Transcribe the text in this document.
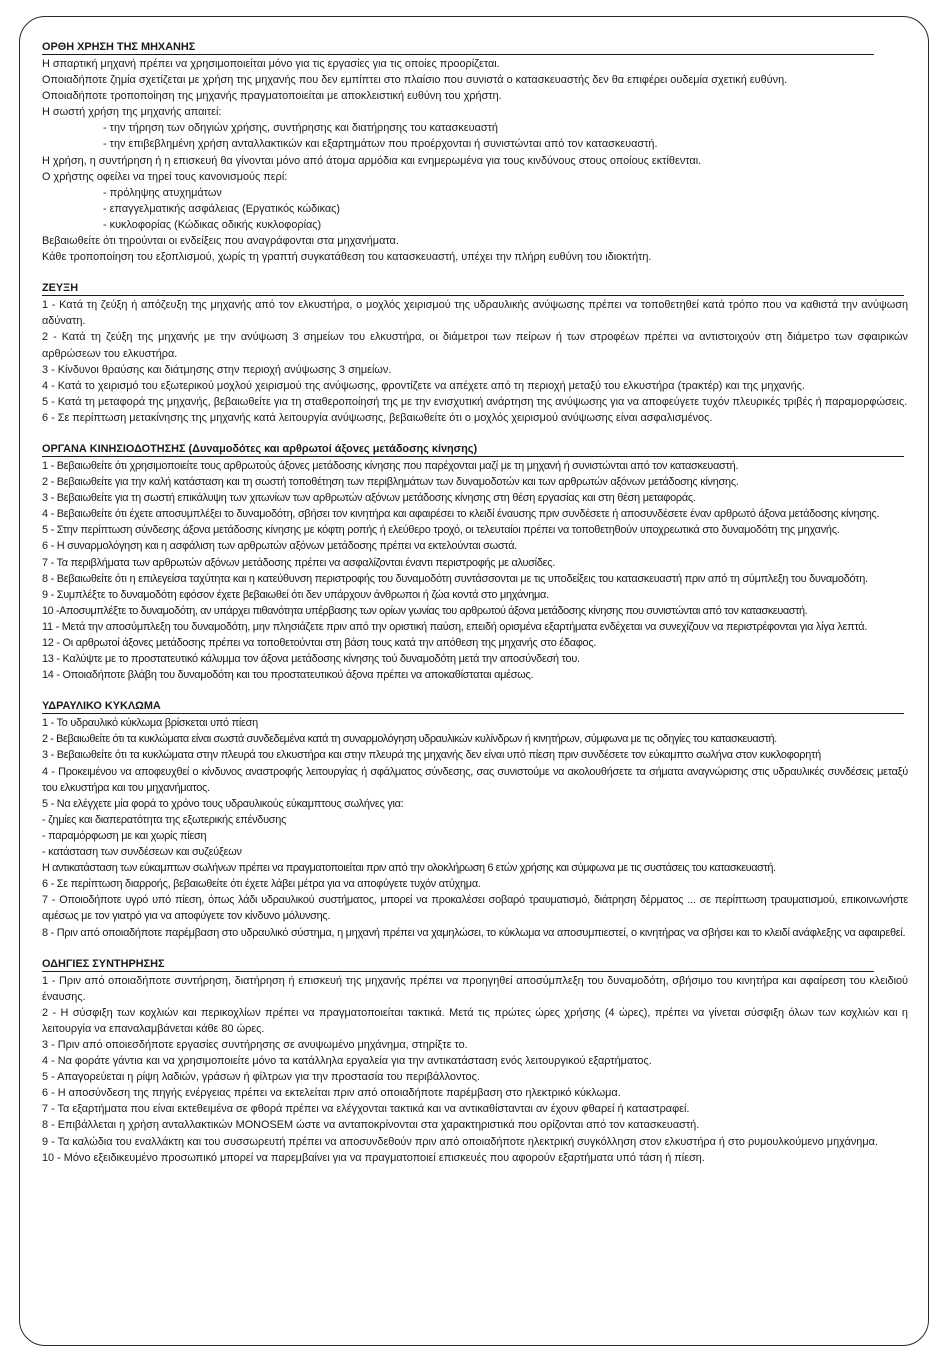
ΟΡΘΗ ΧΡΗΣΗ ΤΗΣ ΜΗΧΑΝΗΣ

Η σπαρτική μηχανή πρέπει να χρησιμοποιείται μόνο για τις εργασίες για τις οποίες προορίζεται.

Οποιαδήποτε ζημία σχετίζεται με χρήση της μηχανής που δεν εμπίπτει στο πλαίσιο που συνιστά ο κατασκευαστής δεν θα επιφέρει ουδεμία σχετική ευθύνη.

Οποιαδήποτε τροποποίηση της μηχανής πραγματοποιείται με αποκλειστική ευθύνη του χρήστη.

Η σωστή χρήση της μηχανής απαιτεί:

- την τήρηση των οδηγιών χρήσης, συντήρησης και διατήρησης του κατασκευαστή

- την επιβεβλημένη χρήση ανταλλακτικών και εξαρτημάτων που προέρχονται ή συνιστώνται από τον κατασκευαστή.

Η χρήση, η συντήρηση ή η επισκευή θα γίνονται μόνο από άτομα αρμόδια και ενημερωμένα για τους κινδύνους στους οποίους εκτίθενται.

Ο χρήστης οφείλει να τηρεί τους κανονισμούς περί:

- πρόληψης ατυχημάτων

- επαγγελματικής ασφάλειας (Εργατικός κώδικας)

- κυκλοφορίας (Κώδικας οδικής κυκλοφορίας)

Βεβαιωθείτε ότι τηρούνται οι ενδείξεις που αναγράφονται στα μηχανήματα.

Κάθε τροποποίηση του εξοπλισμού, χωρίς τη γραπτή συγκατάθεση του κατασκευαστή, υπέχει την πλήρη ευθύνη του ιδιοκτήτη.

ΖΕΥΞΗ

1 - Κατά τη ζεύξη ή απόζευξη της μηχανής από τον ελκυστήρα, ο μοχλός χειρισμού της υδραυλικής ανύψωσης πρέπει να τοποθετηθεί κατά τρόπο που να καθιστά την ανύψωση αδύνατη.

2 - Κατά τη ζεύξη της μηχανής με την ανύψωση 3 σημείων του ελκυστήρα, οι διάμετροι των πείρων ή των στροφέων πρέπει να αντιστοιχούν στη διάμετρο των σφαιρικών αρθρώσεων του ελκυστήρα.

3 - Κίνδυνοι θραύσης και διάτμησης στην περιοχή ανύψωσης 3 σημείων.

4 - Κατά το χειρισμό του εξωτερικού μοχλού χειρισμού της ανύψωσης, φροντίζετε να απέχετε από τη περιοχή μεταξύ του ελκυστήρα (τρακτέρ) και της μηχανής.

5 - Κατά τη μεταφορά της μηχανής, βεβαιωθείτε για τη σταθεροποίησή της με την ενισχυτική ανάρτηση της ανύψωσης για να αποφεύγετε τυχόν πλευρικές τριβές ή παραμορφώσεις.

6 - Σε περίπτωση μετακίνησης της μηχανής κατά λειτουργία ανύψωσης, βεβαιωθείτε ότι ο μοχλός χειρισμού ανύψωσης είναι ασφαλισμένος.

ΟΡΓΑΝΑ ΚΙΝΗΣΙΟΔΟΤΗΣΗΣ (Δυναμοδότες και αρθρωτοί άξονες μετάδοσης κίνησης)

1 - Βεβαιωθείτε ότι χρησιμοποιείτε τους αρθρωτούς άξονες μετάδοσης κίνησης που παρέχονται μαζί με τη μηχανή ή συνιστώνται από τον κατασκευαστή.

2 - Βεβαιωθείτε για την καλή κατάσταση και τη σωστή τοποθέτηση των περιβλημάτων των δυναμοδοτών και των αρθρωτών αξόνων μετάδοσης κίνησης.

3 - Βεβαιωθείτε για τη σωστή επικάλυψη των χιτωνίων των αρθρωτών αξόνων μετάδοσης κίνησης στη θέση εργασίας και στη θέση μεταφοράς.

4 - Βεβαιωθείτε ότι έχετε αποσυμπλέξει το δυναμοδότη, σβήσει τον κινητήρα και αφαιρέσει το κλειδί έναυσης πριν συνδέσετε ή αποσυνδέσετε έναν αρθρωτό άξονα μετάδοσης κίνησης.

5 - Στην περίπτωση σύνδεσης άξονα μετάδοσης κίνησης με κόφτη ροπής ή ελεύθερο τροχό, οι τελευταίοι πρέπει να τοποθετηθούν υποχρεωτικά στο δυναμοδότη της μηχανής.

6 - Η συναρμολόγηση και η ασφάλιση των αρθρωτών αξόνων μετάδοσης πρέπει να εκτελούνται σωστά.

7 - Τα περιβλήματα των αρθρωτών αξόνων μετάδοσης πρέπει να ασφαλίζονται έναντι περιστροφής με αλυσίδες.

8 - Βεβαιωθείτε ότι η επιλεγείσα ταχύτητα και η κατεύθυνση περιστροφής του δυναμοδότη συντάσσονται με τις υποδείξεις του κατασκευαστή πριν από τη σύμπλεξη του δυναμοδότη.

9 - Συμπλέξτε το δυναμοδότη εφόσον έχετε βεβαιωθεί ότι δεν υπάρχουν άνθρωποι ή ζώα κοντά στο μηχάνημα.

10 -Αποσυμπλέξτε το δυναμοδότη, αν υπάρχει πιθανότητα υπέρβασης των ορίων γωνίας του αρθρωτού άξονα μετάδοσης κίνησης που συνιστώνται από τον κατασκευαστή.

11 - Μετά την αποσύμπλεξη του δυναμοδότη, μην πλησιάζετε πριν από την οριστική παύση, επειδή ορισμένα εξαρτήματα ενδέχεται να συνεχίζουν να περιστρέφονται για λίγα λεπτά.

12 - Οι αρθρωτοί άξονες μετάδοσης πρέπει να τοποθετούνται στη βάση τους κατά την απόθεση της μηχανής στο έδαφος.

13 - Καλύψτε με το προστατευτικό κάλυμμα τον άξονα μετάδοσης κίνησης τού δυναμοδότη μετά την αποσύνδεσή του.

14 - Οποιαδήποτε βλάβη του δυναμοδότη και του προστατευτικού άξονα πρέπει να αποκαθίσταται αμέσως.

ΥΔΡΑΥΛΙΚΟ ΚΥΚΛΩΜΑ

1 - Το υδραυλικό κύκλωμα βρίσκεται υπό πίεση

2 - Βεβαιωθείτε ότι τα κυκλώματα είναι σωστά συνδεδεμένα κατά τη συναρμολόγηση υδραυλικών κυλίνδρων ή κινητήρων, σύμφωνα με τις οδηγίες του κατασκευαστή.

3 - Βεβαιωθείτε ότι τα κυκλώματα στην πλευρά του ελκυστήρα και στην πλευρά της μηχανής δεν είναι υπό πίεση πριν συνδέσετε τον εύκαμπτο σωλήνα στον κυκλοφορητή

4 - Προκειμένου να αποφευχθεί ο κίνδυνος αναστροφής λειτουργίας ή σφάλματος σύνδεσης, σας συνιστούμε να ακολουθήσετε τα σήματα αναγνώρισης στις υδραυλικές συνδέσεις μεταξύ του ελκυστήρα και του μηχανήματος.

5 - Να ελέγχετε μία φορά το χρόνο τους υδραυλικούς εύκαμπτους σωλήνες για:

- ζημίες και διαπερατότητα της εξωτερικής επένδυσης

- παραμόρφωση με και χωρίς πίεση

- κατάσταση των συνδέσεων και συζεύξεων

Η αντικατάσταση των εύκαμπτων σωλήνων πρέπει να πραγματοποιείται πριν από την ολοκλήρωση 6 ετών χρήσης και σύμφωνα με τις συστάσεις του κατασκευαστή.

6 - Σε περίπτωση διαρροής, βεβαιωθείτε ότι έχετε λάβει μέτρα για να αποφύγετε τυχόν ατύχημα.

7 - Οποιοδήποτε υγρό υπό πίεση, όπως λάδι υδραυλικού συστήματος, μπορεί να προκαλέσει σοβαρό τραυματισμό, διάτρηση δέρματος ... σε περίπτωση τραυματισμού, επικοινωνήστε αμέσως με τον γιατρό για να αποφύγετε τον κίνδυνο μόλυνσης.

8 - Πριν από οποιαδήποτε παρέμβαση στο υδραυλικό σύστημα, η μηχανή πρέπει να χαμηλώσει, το κύκλωμα να αποσυμπιεστεί, ο κινητήρας να σβήσει και το κλειδί ανάφλεξης να αφαιρεθεί.

ΟΔΗΓΙΕΣ ΣΥΝΤΗΡΗΣΗΣ

1 - Πριν από οποιαδήποτε συντήρηση, διατήρηση ή επισκευή της μηχανής πρέπει να προηγηθεί αποσύμπλεξη του δυναμοδότη, σβήσιμο του κινητήρα και αφαίρεση του κλειδιού έναυσης.

2 - Η σύσφιξη των κοχλιών και περικοχλίων πρέπει να πραγματοποιείται τακτικά. Μετά τις πρώτες ώρες χρήσης (4 ώρες), πρέπει να γίνεται σύσφιξη όλων των κοχλιών και η λειτουργία να επαναλαμβάνεται κάθε 80 ώρες.

3 - Πριν από οποιεσδήποτε εργασίες συντήρησης σε ανυψωμένο μηχάνημα, στηρίξτε το.

4 - Να φοράτε γάντια και να χρησιμοποιείτε μόνο τα κατάλληλα εργαλεία για την αντικατάσταση ενός λειτουργικού εξαρτήματος.

5 - Απαγορεύεται η ρίψη λαδιών, γράσων ή φίλτρων για την προστασία του περιβάλλοντος.

6 - Η αποσύνδεση της πηγής ενέργειας πρέπει να εκτελείται πριν από οποιαδήποτε παρέμβαση στο ηλεκτρικό κύκλωμα.

7 - Τα εξαρτήματα που είναι εκτεθειμένα σε φθορά πρέπει να ελέγχονται τακτικά και να αντικαθίστανται αν έχουν φθαρεί ή καταστραφεί.

8 - Επιβάλλεται η χρήση ανταλλακτικών MONOSEM ώστε να ανταποκρίνονται στα χαρακτηριστικά που ορίζονται από τον κατασκευαστή.

9 - Τα καλώδια του εναλλάκτη και του συσσωρευτή πρέπει να αποσυνδεθούν πριν από οποιαδήποτε ηλεκτρική συγκόλληση στον ελκυστήρα ή στο ρυμουλκούμενο μηχάνημα.

10 - Μόνο εξειδικευμένο προσωπικό μπορεί να παρεμβαίνει για να πραγματοποιεί επισκευές που αφορούν εξαρτήματα υπό τάση ή πίεση.
